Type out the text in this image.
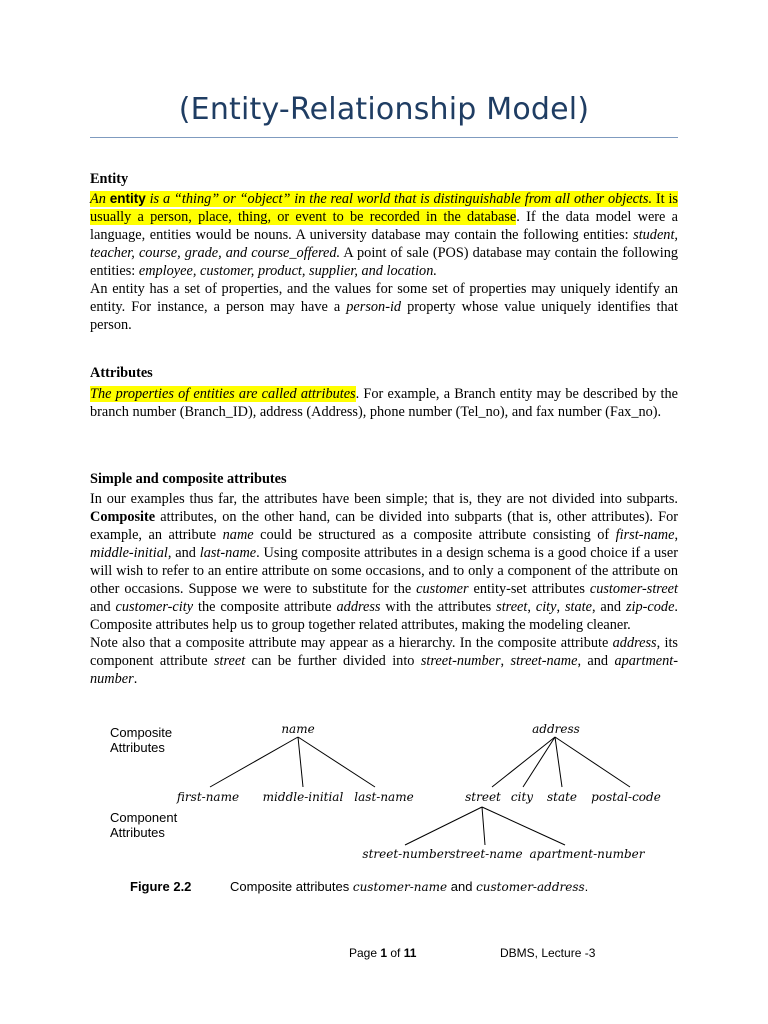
(Entity-Relationship Model)
Entity

An entity is a “thing” or “object” in the real world that is distinguishable from all other objects. It is usually a person, place, thing, or event to be recorded in the database. If the data model were a language, entities would be nouns. A university database may contain the following entities: student, teacher, course, grade, and course_offered. A point of sale (POS) database may contain the following entities: employee, customer, product, supplier, and location.

An entity has a set of properties, and the values for some set of properties may uniquely identify an entity. For instance, a person may have a person-id property whose value uniquely identifies that person.

Attributes

The properties of entities are called attributes. For example, a Branch entity may be described by the branch number (Branch_ID), address (Address), phone number (Tel_no), and fax number (Fax_no).

Simple and composite attributes

In our examples thus far, the attributes have been simple; that is, they are not divided into subparts. Composite attributes, on the other hand, can be divided into subparts (that is, other attributes). For example, an attribute name could be structured as a composite attribute consisting of first-name, middle-initial, and last-name. Using composite attributes in a design schema is a good choice if a user will wish to refer to an entire attribute on some occasions, and to only a component of the attribute on other occasions. Suppose we were to substitute for the customer entity-set attributes customer-street and customer-city the composite attribute address with the attributes street, city, state, and zip-code. Composite attributes help us to group together related attributes, making the modeling cleaner.

Note also that a composite attribute may appear as a hierarchy. In the composite attribute address, its component attribute street can be further divided into street-number, street-name, and apartment-number.

Composite
Attributes
Component
Attributes
name
first-name middle-initial last-name
address
street city state postal-code
street-number street-name apartment-number
Figure 2.2	Composite attributes customer-name and customer-address.
Page 1 of 11	DBMS, Lecture -3
